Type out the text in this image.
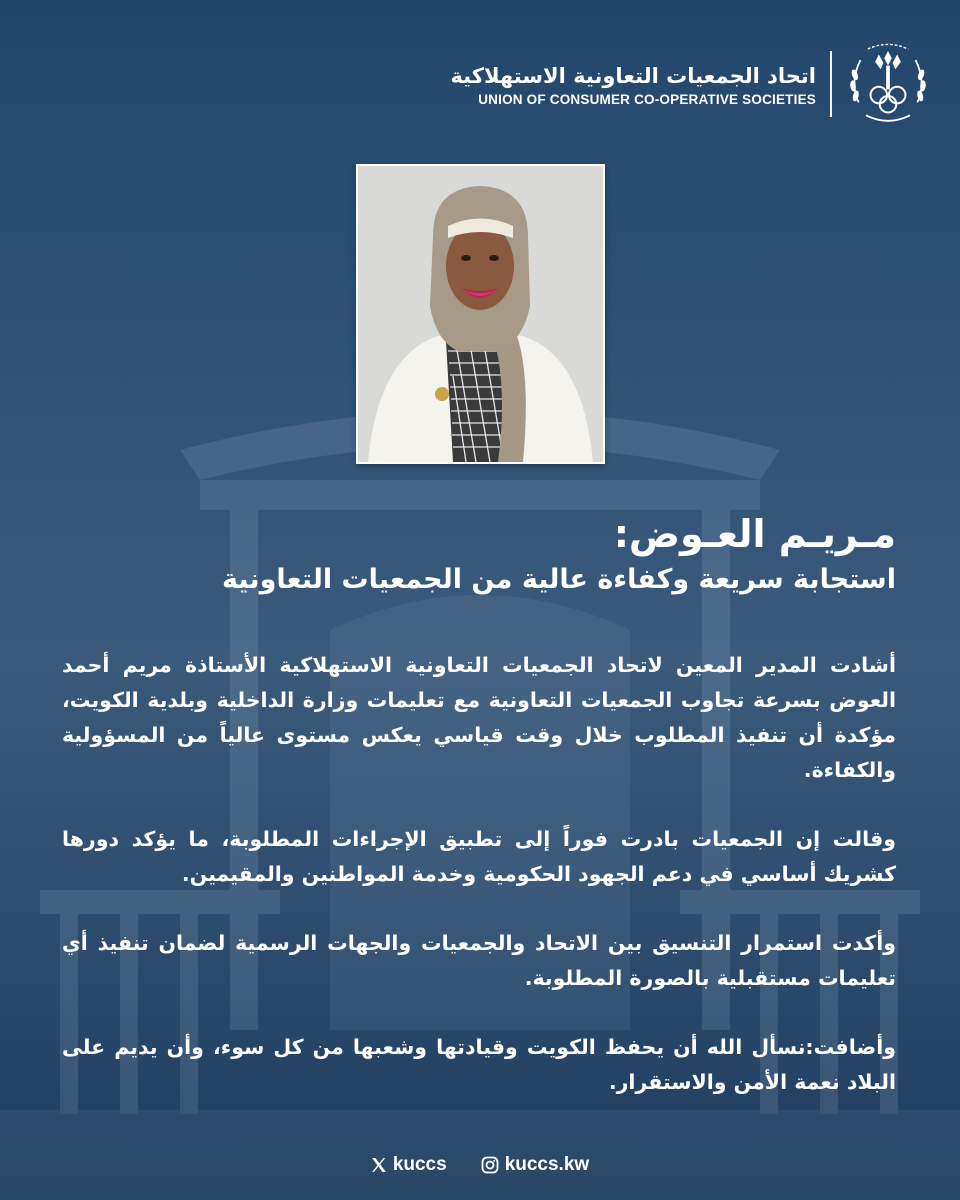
اتحاد الجمعيات التعاونية الاستهلاكية
UNION OF CONSUMER CO-OPERATIVE SOCIETIES
مـريـم العـوض:
استجابة سريعة وكفاءة عالية من الجمعيات التعاونية

أشادت المدير المعين لاتحاد الجمعيات التعاونية الاستهلاكية الأستاذة مريم أحمد العوض بسرعة تجاوب الجمعيات التعاونية مع تعليمات وزارة الداخلية وبلدية الكويت، مؤكدة أن تنفيذ المطلوب خلال وقت قياسي يعكس مستوى عالياً من المسؤولية والكفاءة.

وقالت إن الجمعيات بادرت فوراً إلى تطبيق الإجراءات المطلوبة، ما يؤكد دورها كشريك أساسي في دعم الجهود الحكومية وخدمة المواطنين والمقيمين.

وأكدت استمرار التنسيق بين الاتحاد والجمعيات والجهات الرسمية لضمان تنفيذ أي تعليمات مستقبلية بالصورة المطلوبة.

وأضافت:نسأل الله أن يحفظ الكويت وقيادتها وشعبها من كل سوء، وأن يديم على البلاد نعمة الأمن والاستقرار.

kuccs	kuccs.kw
